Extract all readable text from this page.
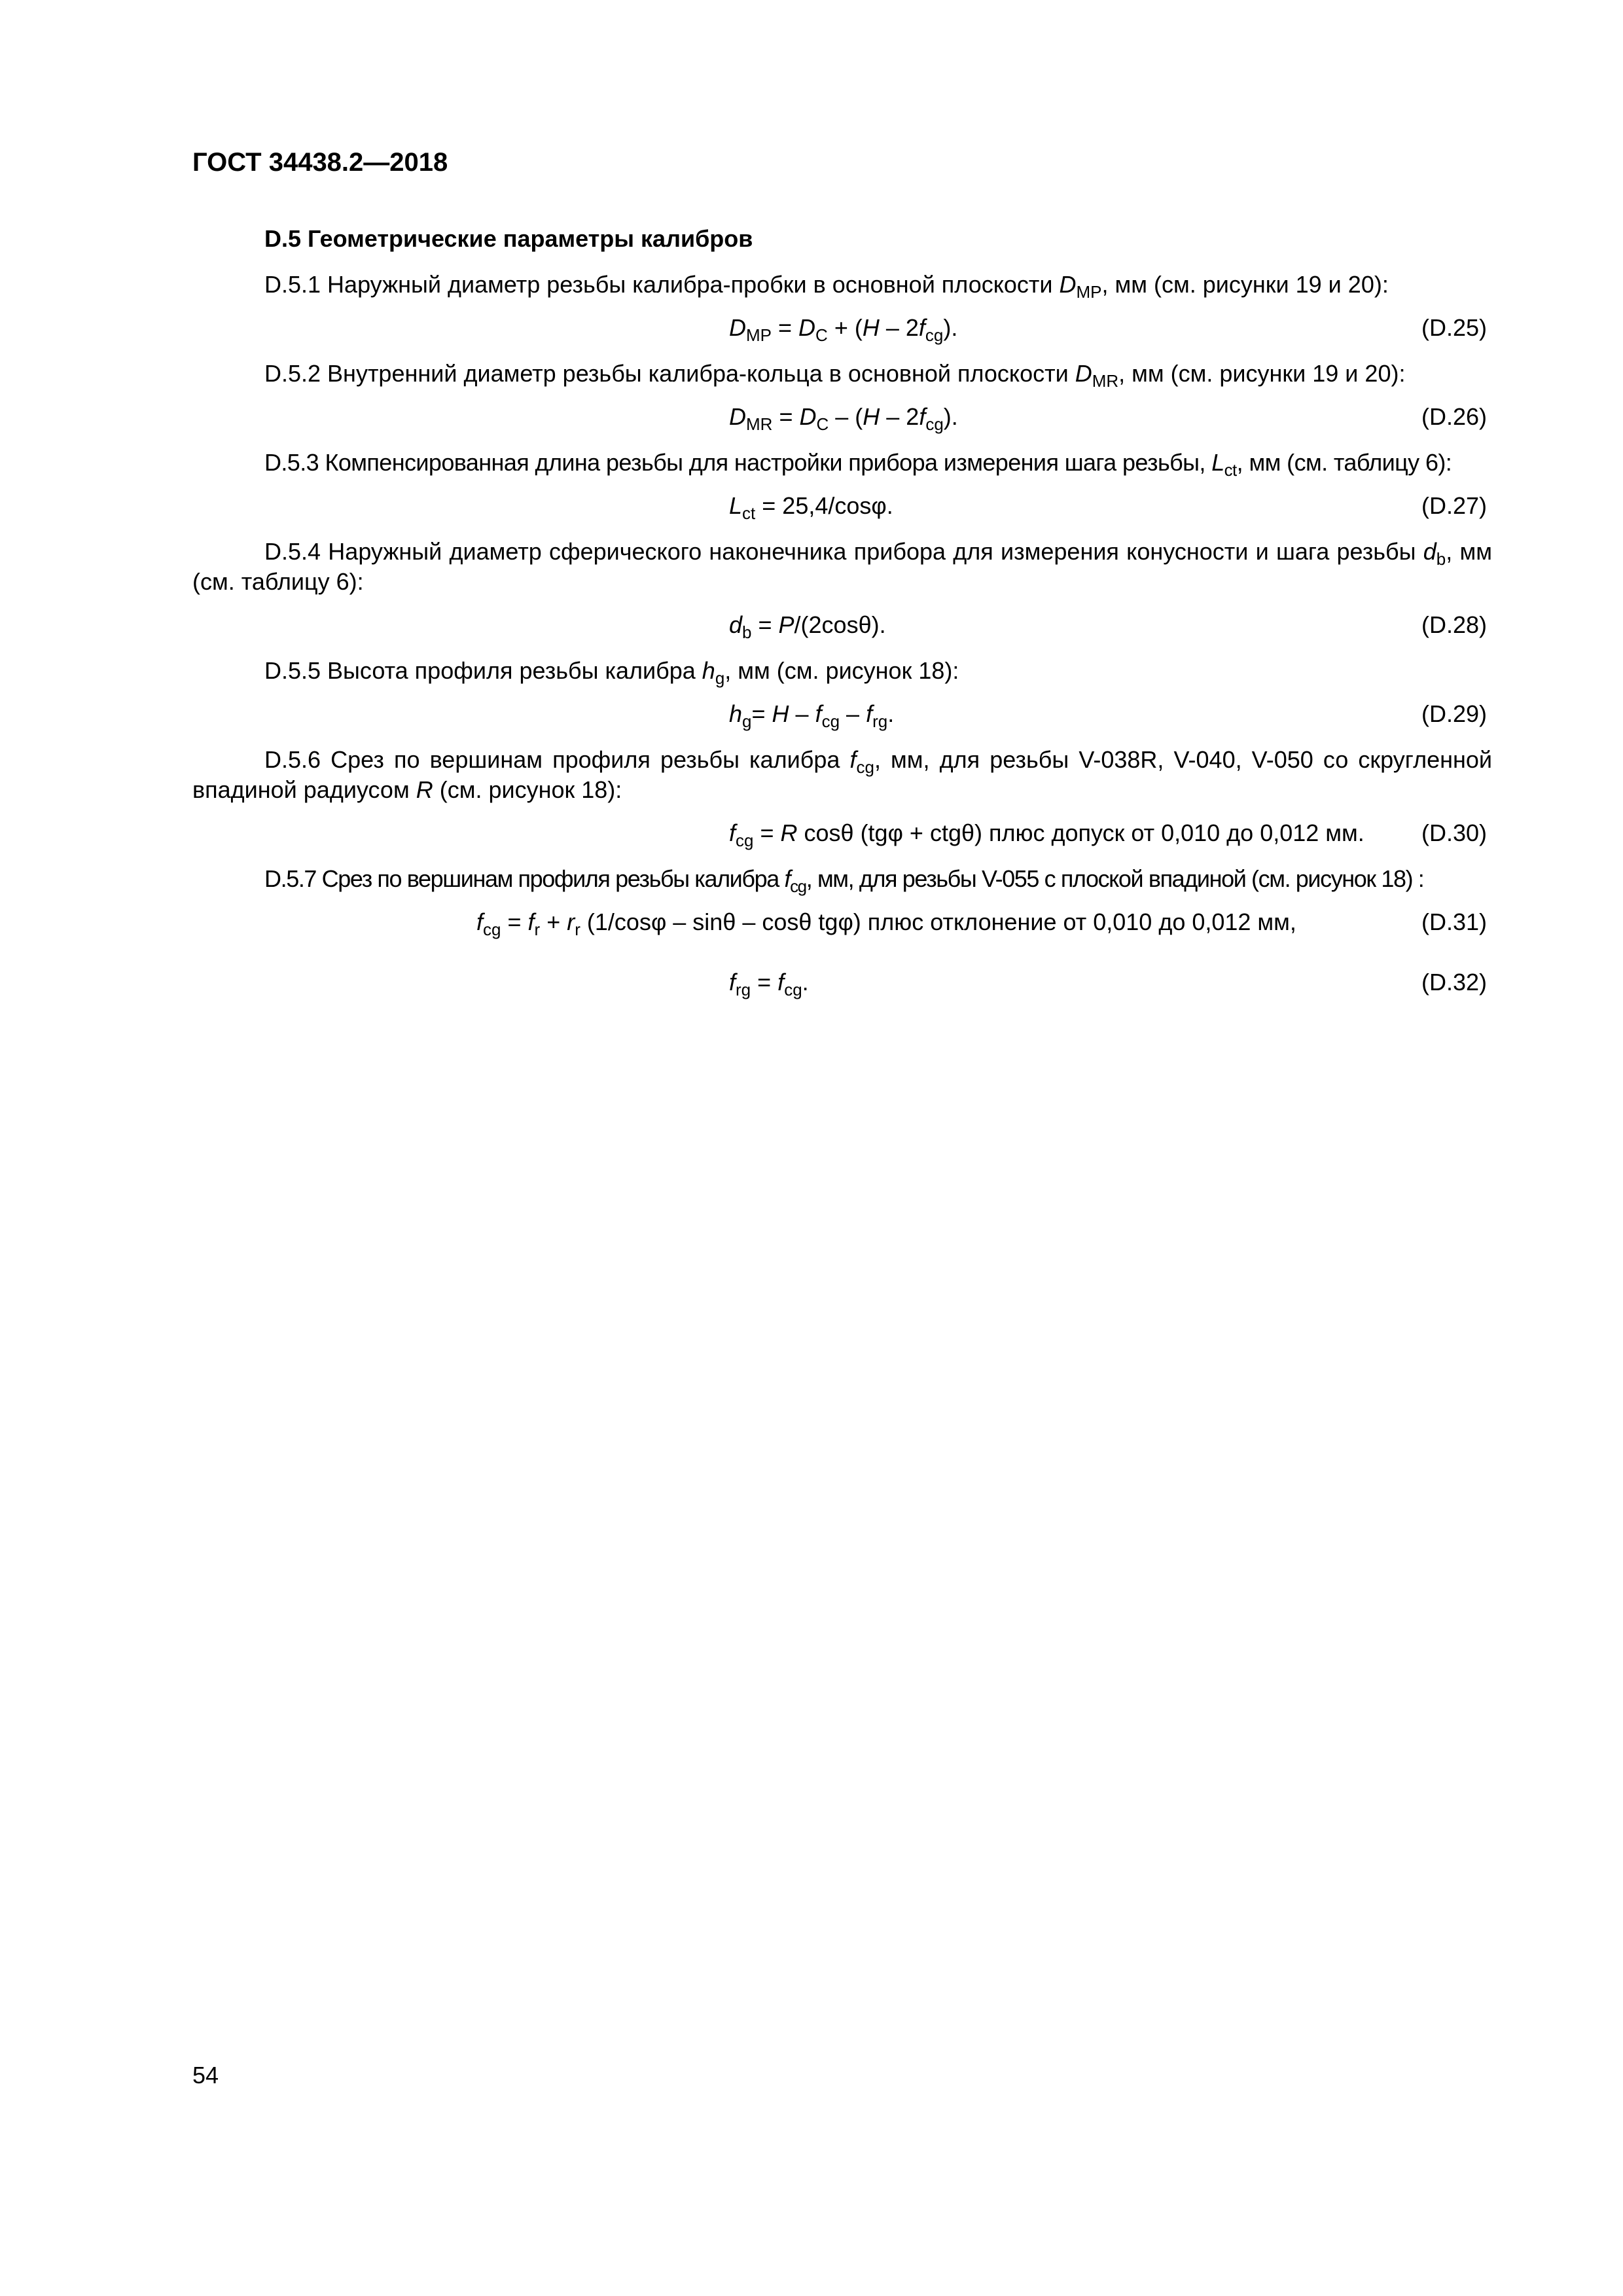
ГОСТ 34438.2—2018
D.5 Геометрические параметры калибров
D.5.1 Наружный диаметр резьбы калибра-пробки в основной плоскости $D_{MP}$, мм (см. рисунки 19 и 20):
$D_{MP} = D_C + (H - 2f_{cg})$.	(D.25)
D.5.2 Внутренний диаметр резьбы калибра-кольца в основной плоскости $D_{MR}$, мм (см. рисунки 19 и 20):
$D_{MR} = D_C - (H - 2f_{cg})$.	(D.26)
D.5.3 Компенсированная длина резьбы для настройки прибора измерения шага резьбы, $L_{ct}$, мм (см. таблицу 6):
$L_{ct} = 25,4/\cos\varphi$.	(D.27)
D.5.4 Наружный диаметр сферического наконечника прибора для измерения конусности и шага резьбы $d_b$, мм (см. таблицу 6):
$d_b = P/(2\cos\theta)$.	(D.28)
D.5.5 Высота профиля резьбы калибра $h_g$, мм (см. рисунок 18):
$h_g= H - f_{cg} - f_{rg}$.	(D.29)
D.5.6 Срез по вершинам профиля резьбы калибра $f_{cg}$, мм, для резьбы V-038R, V-040, V-050 со скругленной впадиной радиусом R (см. рисунок 18):
$f_{cg} = R$ cosθ (tgφ + ctgθ) плюс допуск от 0,010 до 0,012 мм. (D.30)
D.5.7 Срез по вершинам профиля резьбы калибра $f_{cg}$, мм, для резьбы V-055 с плоской впадиной (см. рисунок 18) :
$f_{cg} = f_r + r_r$ (1/cosφ – sinθ – cosθ tgφ) плюс отклонение от 0,010 до 0,012 мм,	(D.31)
$f_{rg} = f_{cg}$.	(D.32)
54
